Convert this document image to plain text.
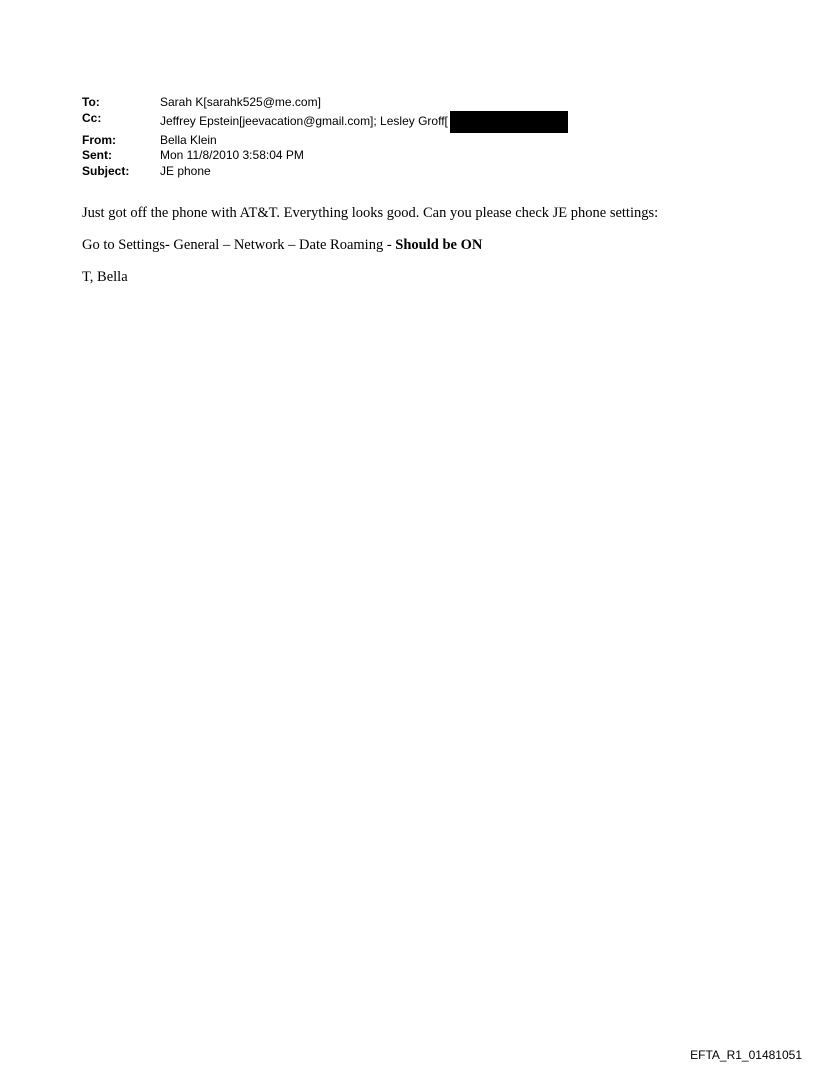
To:	Sarah K[sarahk525@me.com]
Cc:	Jeffrey Epstein[jeevacation@gmail.com]; Lesley Groff[
From:	Bella Klein
Sent:	Mon 11/8/2010 3:58:04 PM
Subject:	JE phone

Just got off the phone with AT&T. Everything looks good. Can you please check JE phone settings:

Go to Settings- General – Network – Date Roaming - Should be ON

T, Bella

EFTA_R1_01481051
